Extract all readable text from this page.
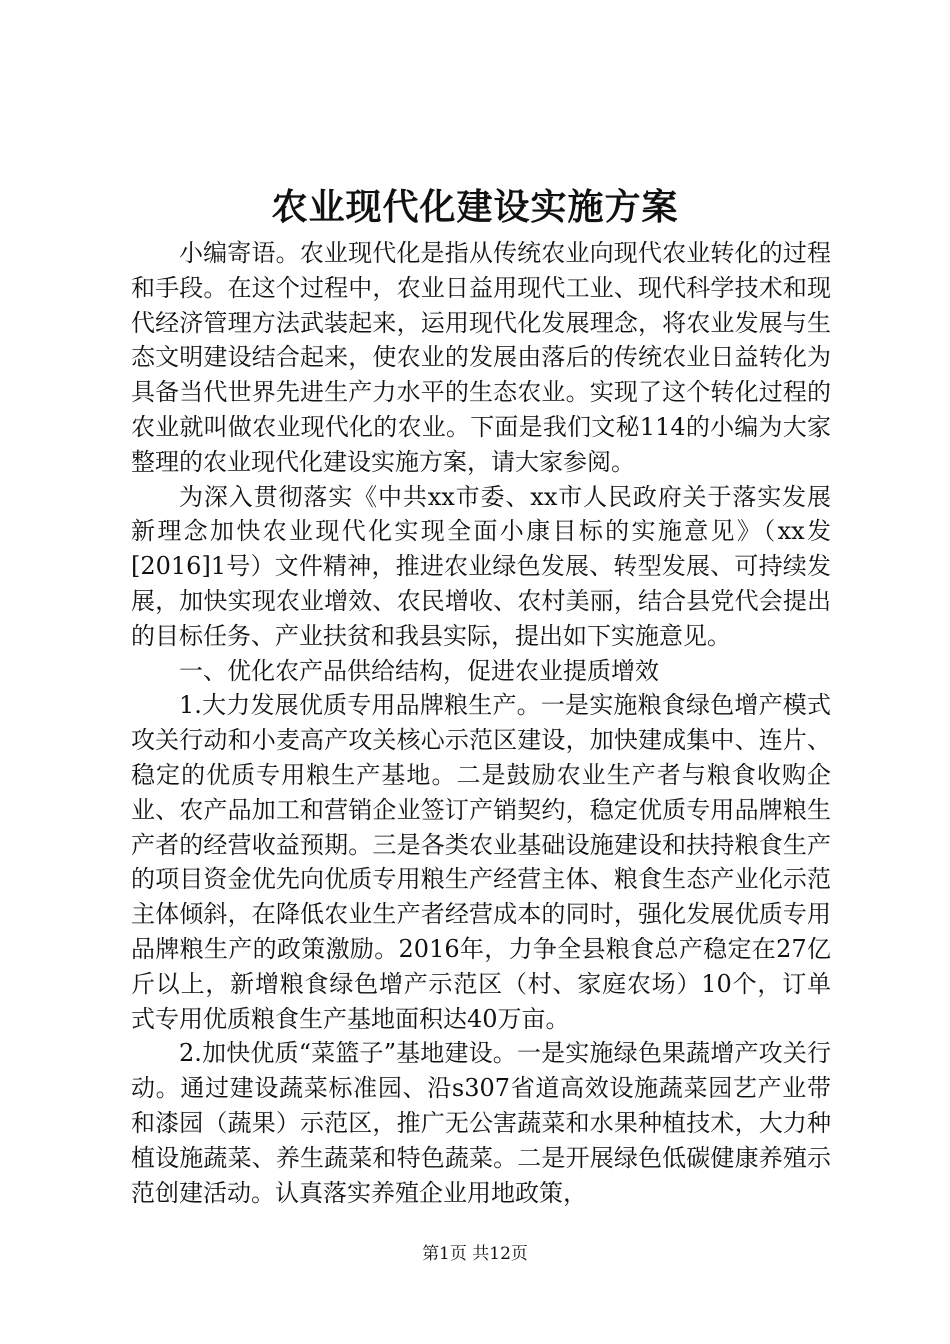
农业现代化建设实施方案

小编寄语。农业现代化是指从传统农业向现代农业转化的过程和手段。在这个过程中，农业日益用现代工业、现代科学技术和现代经济管理方法武装起来，运用现代化发展理念，将农业发展与生态文明建设结合起来，使农业的发展由落后的传统农业日益转化为具备当代世界先进生产力水平的生态农业。实现了这个转化过程的农业就叫做农业现代化的农业。下面是我们文秘114的小编为大家整理的农业现代化建设实施方案，请大家参阅。

为深入贯彻落实《中共xx市委、xx市人民政府关于落实发展新理念加快农业现代化实现全面小康目标的实施意见》（xx发[2016]1号）文件精神，推进农业绿色发展、转型发展、可持续发展，加快实现农业增效、农民增收、农村美丽，结合县党代会提出的目标任务、产业扶贫和我县实际，提出如下实施意见。

一、优化农产品供给结构，促进农业提质增效

1.大力发展优质专用品牌粮生产。一是实施粮食绿色增产模式攻关行动和小麦高产攻关核心示范区建设，加快建成集中、连片、稳定的优质专用粮生产基地。二是鼓励农业生产者与粮食收购企业、农产品加工和营销企业签订产销契约，稳定优质专用品牌粮生产者的经营收益预期。三是各类农业基础设施建设和扶持粮食生产的项目资金优先向优质专用粮生产经营主体、粮食生态产业化示范主体倾斜，在降低农业生产者经营成本的同时，强化发展优质专用品牌粮生产的政策激励。2016年，力争全县粮食总产稳定在27亿斤以上，新增粮食绿色增产示范区（村、家庭农场）10个，订单式专用优质粮食生产基地面积达40万亩。

2.加快优质“菜篮子”基地建设。一是实施绿色果蔬增产攻关行动。通过建设蔬菜标准园、沿s307省道高效设施蔬菜园艺产业带和漆园（蔬果）示范区，推广无公害蔬菜和水果种植技术，大力种植设施蔬菜、养生蔬菜和特色蔬菜。二是开展绿色低碳健康养殖示范创建活动。认真落实养殖企业用地政策，

第1页 共12页
